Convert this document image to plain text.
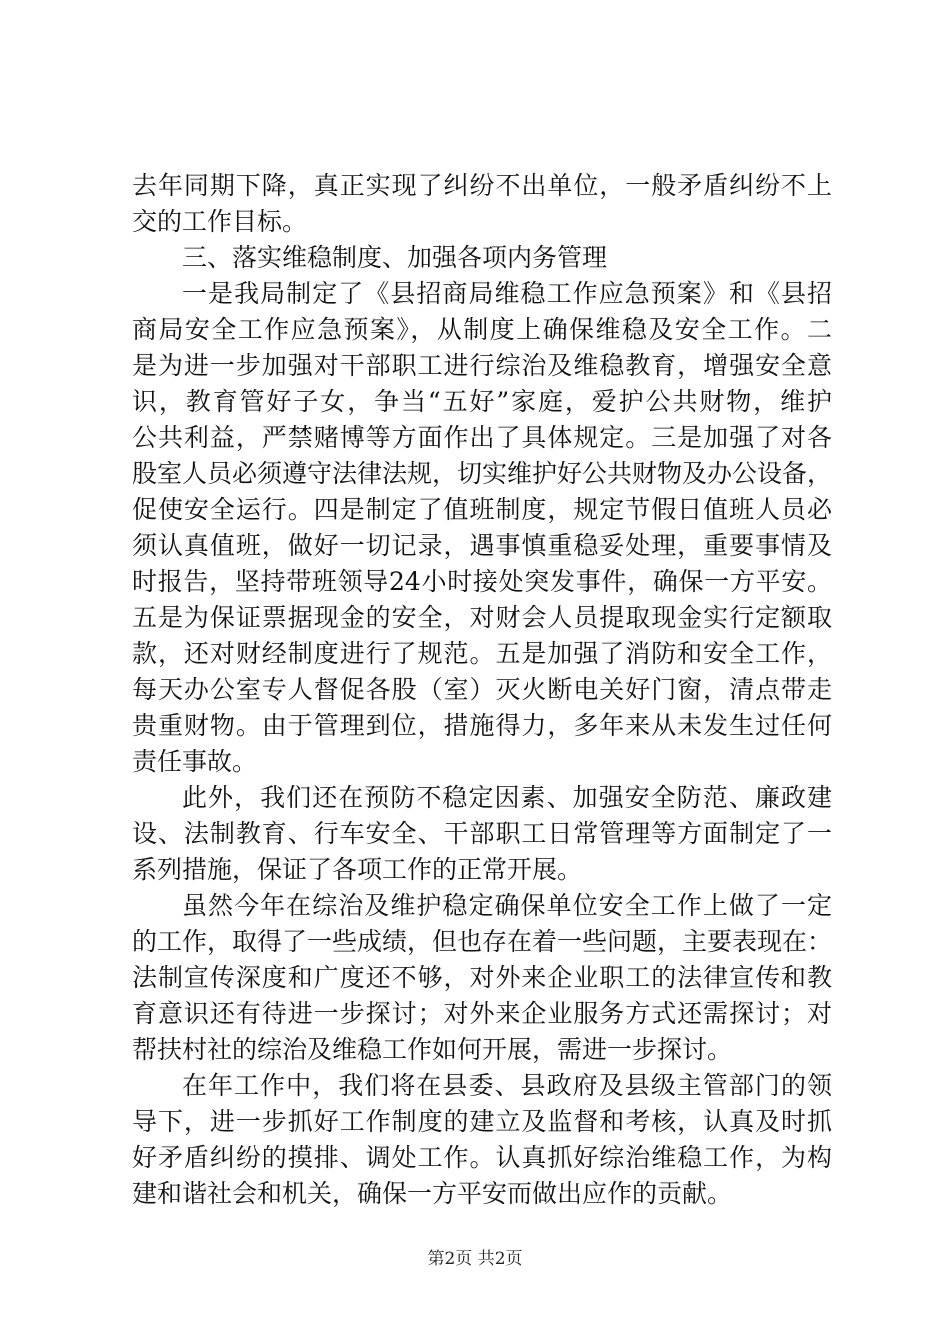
去年同期下降，真正实现了纠纷不出单位，一般矛盾纠纷不上
交的工作目标。
三、落实维稳制度、加强各项内务管理
一是我局制定了《县招商局维稳工作应急预案》和《县招
商局安全工作应急预案》，从制度上确保维稳及安全工作。二
是为进一步加强对干部职工进行综治及维稳教育，增强安全意
识，教育管好子女，争当“五好”家庭，爱护公共财物，维护
公共利益，严禁赌博等方面作出了具体规定。三是加强了对各
股室人员必须遵守法律法规，切实维护好公共财物及办公设备，
促使安全运行。四是制定了值班制度，规定节假日值班人员必
须认真值班，做好一切记录，遇事慎重稳妥处理，重要事情及
时报告，坚持带班领导24小时接处突发事件，确保一方平安。
五是为保证票据现金的安全，对财会人员提取现金实行定额取
款，还对财经制度进行了规范。五是加强了消防和安全工作，
每天办公室专人督促各股（室）灭火断电关好门窗，清点带走
贵重财物。由于管理到位，措施得力，多年来从未发生过任何
责任事故。
此外，我们还在预防不稳定因素、加强安全防范、廉政建
设、法制教育、行车安全、干部职工日常管理等方面制定了一
系列措施，保证了各项工作的正常开展。
虽然今年在综治及维护稳定确保单位安全工作上做了一定
的工作，取得了一些成绩，但也存在着一些问题，主要表现在：
法制宣传深度和广度还不够，对外来企业职工的法律宣传和教
育意识还有待进一步探讨；对外来企业服务方式还需探讨；对
帮扶村社的综治及维稳工作如何开展，需进一步探讨。
在年工作中，我们将在县委、县政府及县级主管部门的领
导下，进一步抓好工作制度的建立及监督和考核，认真及时抓
好矛盾纠纷的摸排、调处工作。认真抓好综治维稳工作，为构
建和谐社会和机关，确保一方平安而做出应作的贡献。
第2页 共2页
